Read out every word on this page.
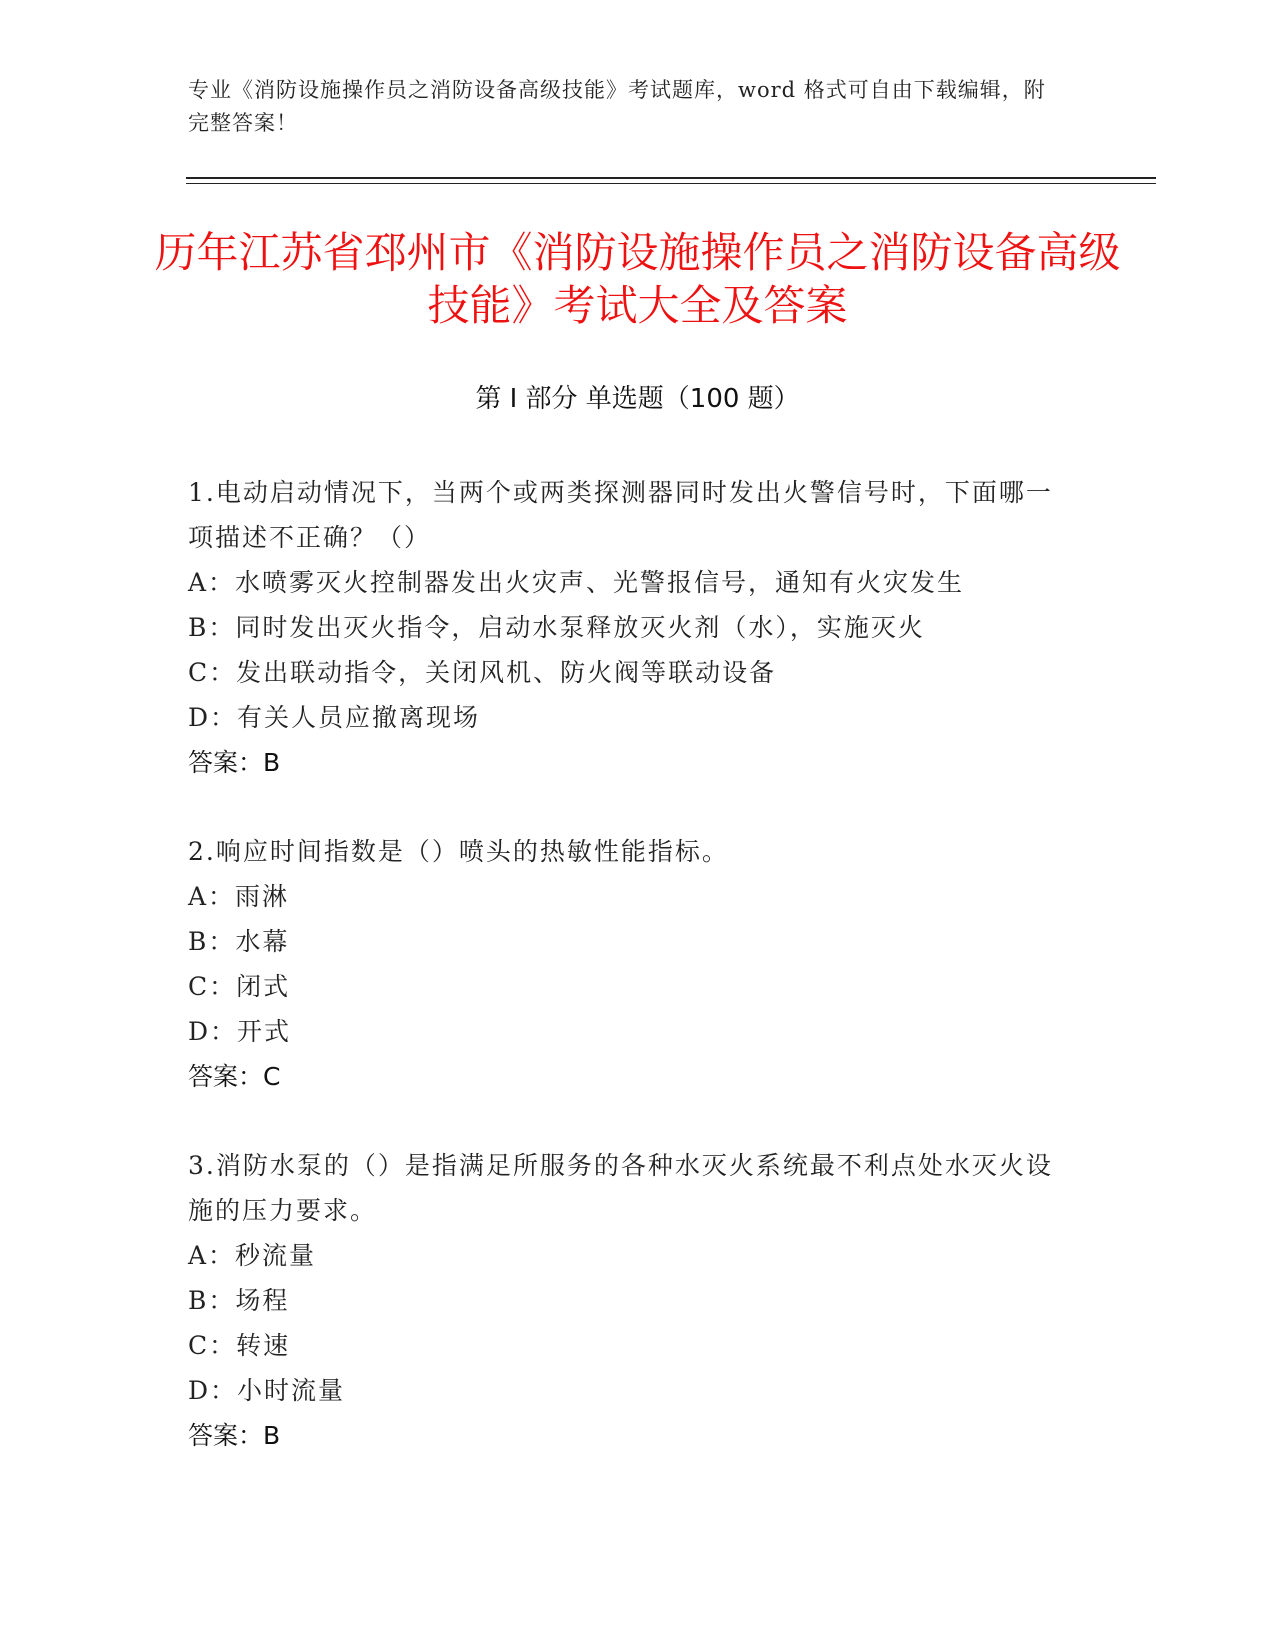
专业《消防设施操作员之消防设备高级技能》考试题库，word 格式可自由下载编辑，附完整答案！
历年江苏省邳州市《消防设施操作员之消防设备高级技能》考试大全及答案
第 I 部分 单选题（100 题）
1.电动启动情况下，当两个或两类探测器同时发出火警信号时，下面哪一项描述不正确？（）
A：水喷雾灭火控制器发出火灾声、光警报信号，通知有火灾发生
B：同时发出灭火指令，启动水泵释放灭火剂（水），实施灭火
C：发出联动指令，关闭风机、防火阀等联动设备
D：有关人员应撤离现场
答案：B
2.响应时间指数是（）喷头的热敏性能指标。
A：雨淋
B：水幕
C：闭式
D：开式
答案：C
3.消防水泵的（）是指满足所服务的各种水灭火系统最不利点处水灭火设施的压力要求。
A：秒流量
B：场程
C：转速
D：小时流量
答案：B
